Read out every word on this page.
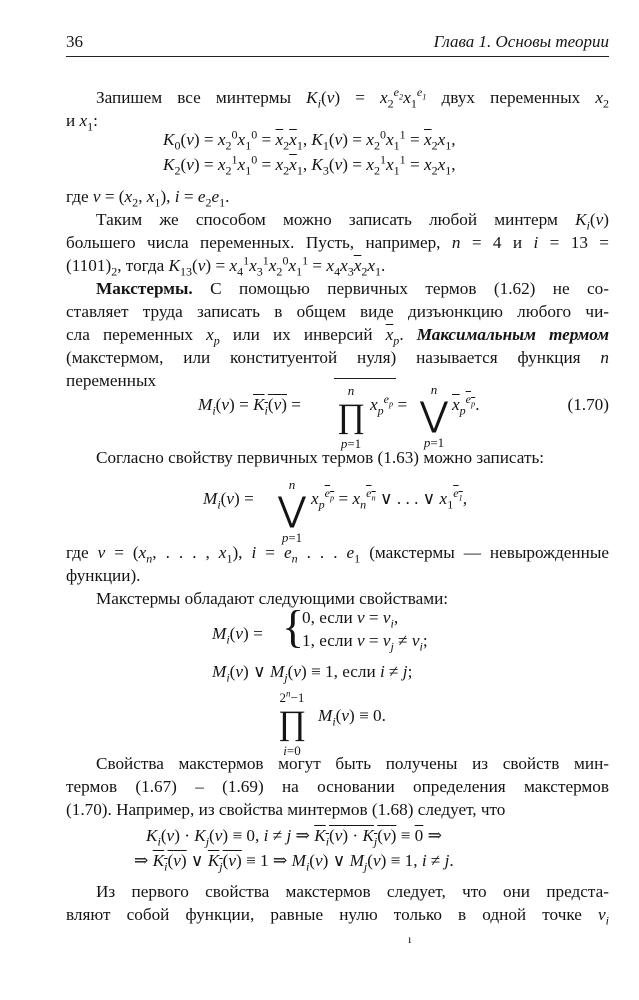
36	Глава 1. Основы теории
Запишем все минтермы $K_i(\nu) = x_2^{e_2}x_1^{e_1}$ двух переменных $x_2$
и $x_1$:
$K_0(\nu) = x_2^0x_1^0 = \overline{x}_2\overline{x}_1$, $K_1(\nu) = x_2^0x_1^1 = \overline{x}_2x_1$,
$K_2(\nu) = x_2^1x_1^0 = x_2\overline{x}_1$, $K_3(\nu) = x_2^1x_1^1 = x_2x_1$,
где $\nu = (x_2$, $x_1$), $i = e_2e_1$.
Таким же способом можно записать любой минтерм $K_i(\nu)$
большего числа переменных. Пусть, например, n = 4 и i = 13 =
$(1101)_2$, тогда $K_{13}(\nu) = x_4^1x_3^1x_2^0x_1^1 = x_4x_3\overline{x}_2x_1$.
Макстермы. С помощью первичных термов (1.62) не со-
ставляет труда записать в общем виде дизъюнкцию любого чи-
сла переменных $x_p$ или их инверсий $\overline{x}_p$. Максимальным термом
(макстермом, или конституентой нуля) называется функция n
переменных
$M_i(\nu) = K_i(\nu)$ =
n
∏
p=1
$x_p^{e_p}$ =
n
⋁
p=1
$\overline{x}_p^{e_p}$.	(1.70)
Согласно свойству первичных термов (1.63) можно записать:
$M_i(\nu)$ =
n
⋁
p=1
$x_p^{e_p} = x_n^{e_n}$ ∨ . . . ∨ $x_1^{e_1}$,
где $\nu = (x_n$, . . . , $x_1$), $i = e_n$ . . . $e_1$ (макстермы — невырожденные
функции).
Макстермы обладают следующими свойствами:
$M_i(\nu)$ = {
0, если $\nu = \nu_i$,
1, если $\nu = \nu_j \ne \nu_i$;
$M_i(\nu)$ ∨ $M_j(\nu) \equiv 1$, если i ≠ j;
$2^n-1$
∏
i=0
$M_i(\nu) \equiv 0$.
Свойства макстермов могут быть получены из свойств мин-
термов (1.67) – (1.69) на основании определения макстермов
(1.70). Например, из свойства минтермов (1.68) следует, что
$K_i(\nu) \cdot K_j(\nu) \equiv 0$, i ≠ j ⇒ $K_i(\nu) \cdot K_j(\nu) \equiv 0$ ⇒
⇒ $K_i(\nu)$ ∨ $K_j(\nu) \equiv 1$ ⇒ $M_i(\nu)$ ∨ $M_j(\nu) \equiv 1$, i ≠ j.
Из первого свойства макстермов следует, что они предста-
вляют собой функции, равные нулю только в одной точке $\nu_i$
ı
